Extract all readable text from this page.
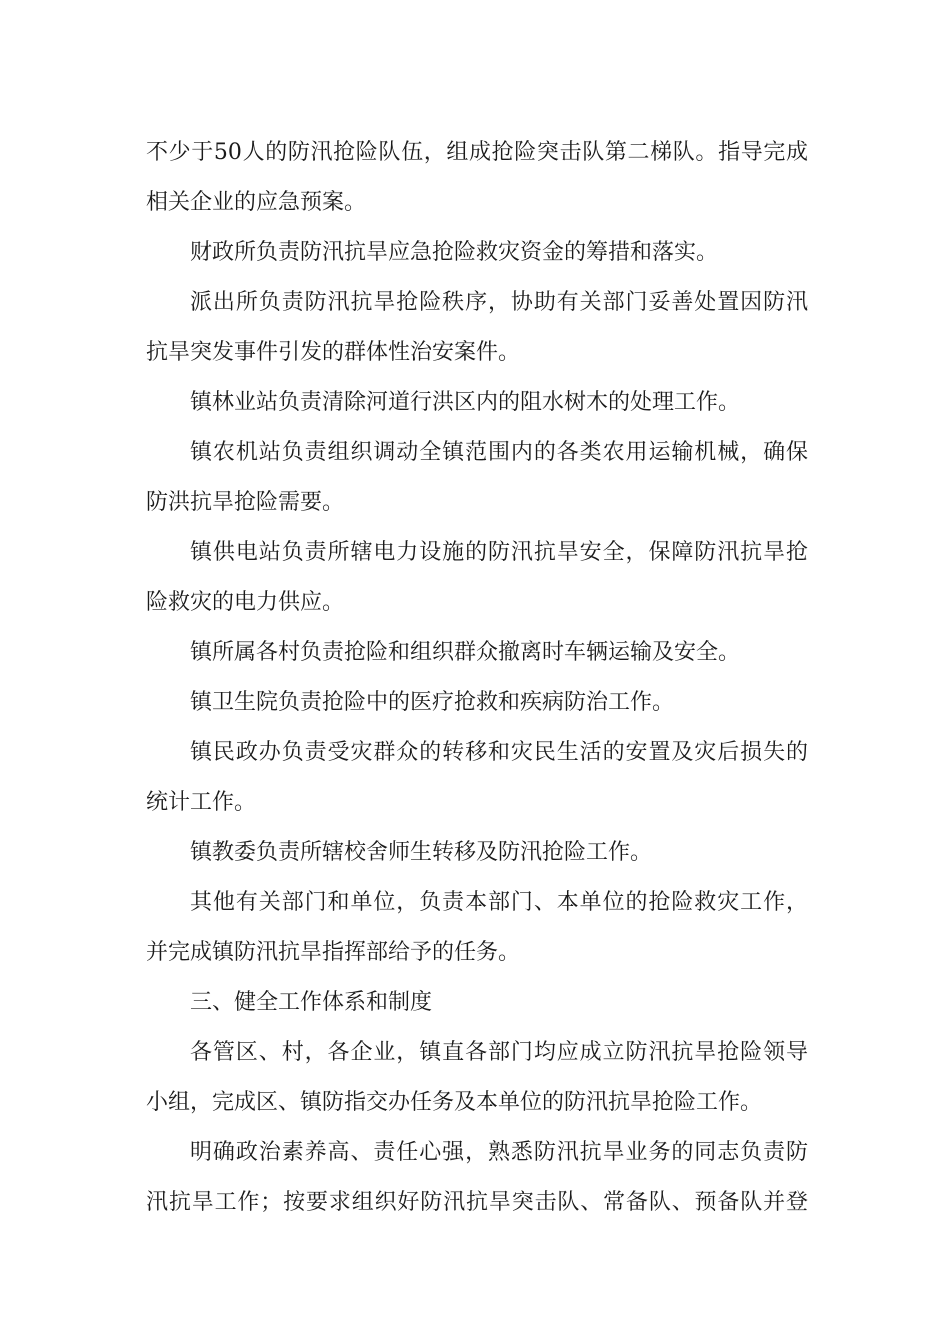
不少于50人的防汛抢险队伍，组成抢险突击队第二梯队。指导完成

相关企业的应急预案。

财政所负责防汛抗旱应急抢险救灾资金的筹措和落实。

派出所负责防汛抗旱抢险秩序，协助有关部门妥善处置因防汛

抗旱突发事件引发的群体性治安案件。

镇林业站负责清除河道行洪区内的阻水树木的处理工作。

镇农机站负责组织调动全镇范围内的各类农用运输机械，确保

防洪抗旱抢险需要。

镇供电站负责所辖电力设施的防汛抗旱安全，保障防汛抗旱抢

险救灾的电力供应。

镇所属各村负责抢险和组织群众撤离时车辆运输及安全。

镇卫生院负责抢险中的医疗抢救和疾病防治工作。

镇民政办负责受灾群众的转移和灾民生活的安置及灾后损失的

统计工作。

镇教委负责所辖校舍师生转移及防汛抢险工作。

其他有关部门和单位，负责本部门、本单位的抢险救灾工作，

并完成镇防汛抗旱指挥部给予的任务。

三、健全工作体系和制度

各管区、村，各企业，镇直各部门均应成立防汛抗旱抢险领导

小组，完成区、镇防指交办任务及本单位的防汛抗旱抢险工作。

明确政治素养高、责任心强，熟悉防汛抗旱业务的同志负责防

汛抗旱工作；按要求组织好防汛抗旱突击队、常备队、预备队并登
